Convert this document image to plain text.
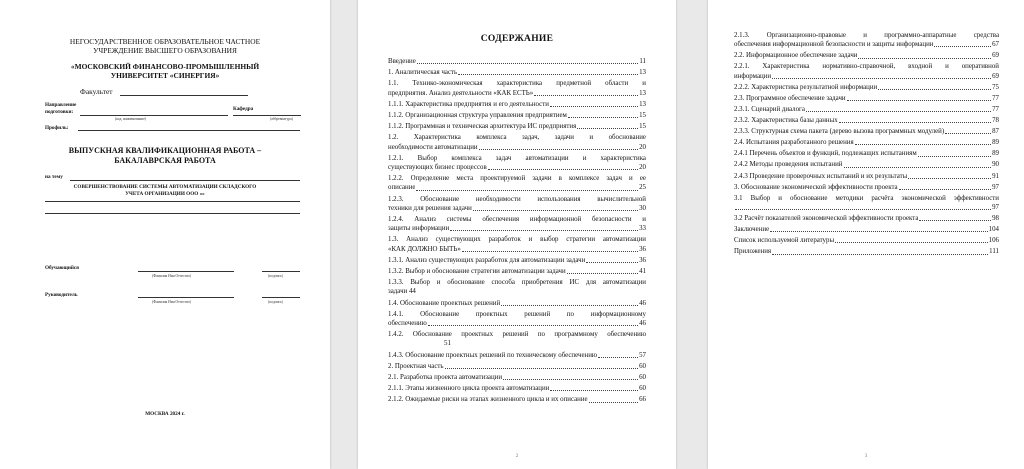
НЕГОСУДАРСТВЕННОЕ ОБРАЗОВАТЕЛЬНОЕ ЧАСТНОЕ
УЧРЕЖДЕНИЕ ВЫСШЕГО ОБРАЗОВАНИЯ
«МОСКОВСКИЙ ФИНАНСОВО-ПРОМЫШЛЕННЫЙ
УНИВЕРСИТЕТ «СИНЕРГИЯ»
Факультет
Направление
подготовки:	Кафедра
(код, наименование)	(аббревиатура)
Профиль:
ВЫПУСКНАЯ КВАЛИФИКАЦИОННАЯ РАБОТА –
БАКАЛАВРСКАЯ РАБОТА
на тему
СОВЕРШЕНСТВОВАНИЕ СИСТЕМЫ АВТОМАТИЗАЦИИ СКЛАДСКОГО
УЧЕТА ОРГАНИЗАЦИИ ООО «»
Обучающийся
(Фамилия Имя Отчество)	(подпись)
Руководитель
(Фамилия Имя Отчество)	(подпись)
МОСКВА 2024 г.
СОДЕРЖАНИЕ
Введение	11
1. Аналитическая часть	13
1.1. Технико-экономическая характеристика предметной области и
предприятия. Анализ деятельности «КАК ЕСТЬ»	13
1.1.1. Характеристика предприятия и его деятельности	13
1.1.2. Организационная структура управления предприятием	15
1.1.2. Программная и техническая архитектура ИС предприятия	15
1.2. Характеристика комплекса задач, задачи и обоснование
необходимости автоматизации	20
1.2.1. Выбор комплекса задач автоматизации и характеристика
существующих бизнес процессов	20
1.2.2. Определение места проектируемой задачи в комплексе задач и ее
описание	25
1.2.3. Обоснование необходимости использования вычислительной
техники для решения задачи	30
1.2.4. Анализ системы обеспечения информационной безопасности и
защиты информации	33
1.3. Анализ существующих разработок и выбор стратегии автоматизации
«КАК ДОЛЖНО БЫТЬ»	36
1.3.1. Анализ существующих разработок для автоматизации задачи	36
1.3.2. Выбор и обоснование стратегии автоматизации задачи	41
1.3.3. Выбор и обоснование способа приобретения ИС для автоматизации
задачи 44
1.4. Обоснование проектных решений	46
1.4.1. Обоснование проектных решений по информационному
обеспечению	46
1.4.2. Обоснование проектных решений по программному обеспечению
51
1.4.3. Обоснование проектных решений по техническому обеспечению	57
2. Проектная часть	60
2.1. Разработка проекта автоматизации	60
2.1.1. Этапы жизненного цикла проекта автоматизации	60
2.1.2. Ожидаемые риски на этапах жизненного цикла и их описание	66
2
2.1.3. Организационно-правовые и программно-аппаратные средства
обеспечения информационной безопасности и защиты информации	67
2.2. Информационное обеспечение задачи	69
2.2.1. Характеристика нормативно-справочной, входной и оперативной
информации	69
2.2.2. Характеристика результатной информации	75
2.3. Программное обеспечение задачи	77
2.3.1. Сценарий диалога	77
2.3.2. Характеристика базы данных	78
2.3.3. Структурная схема пакета (дерево вызова программных модулей)	87
2.4. Испытания разработанного решения	89
2.4.1 Перечень объектов и функций, подлежащих испытаниям	89
2.4.2 Методы проведения испытаний	90
2.4.3 Проведение проверочных испытаний и их результаты	91
3. Обоснование экономической эффективности проекта	97
3.1 Выбор и обоснование методики расчёта экономической эффективности
97
3.2 Расчёт показателей экономической эффективности проекта	98
Заключение	104
Список используемой литературы	106
Приложения	111
3
